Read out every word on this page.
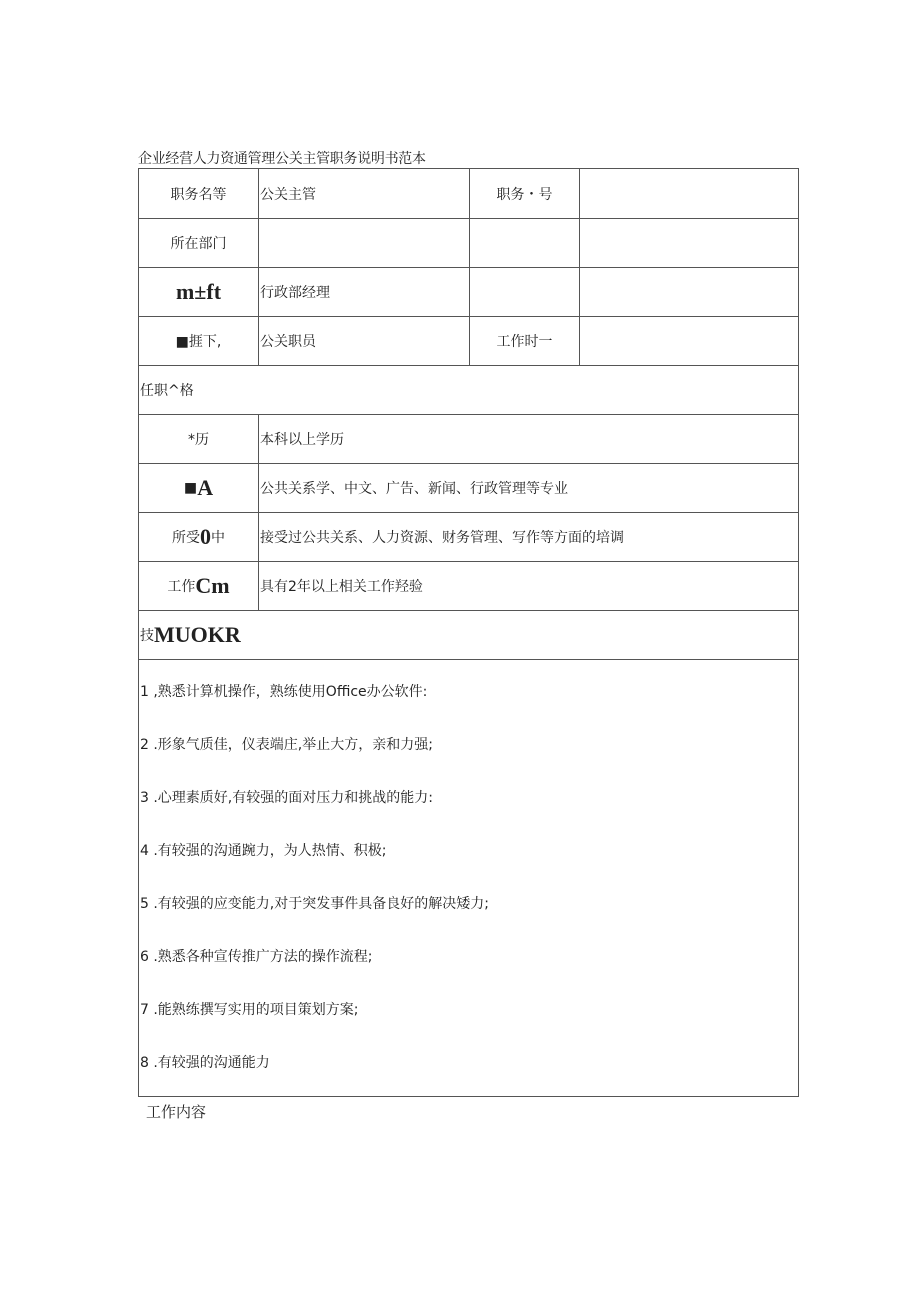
企业经营人力资通管理公关主管职务说明书范本
职务名等	公关主管	职务・号
所在部门
m±ft	行政部经理
■捱下,	公关职员	工作时一
任职^格
*历	本科以上学历
■A	公共关系学、中文、广告、新闻、行政管理等专业
所受 0 中	接受过公共关系、人力资源、财务管理、写作等方面的培调
工作 Cm 具有2年以上相关工作羟验
技 MUOKR
1 ,熟悉计算机操作，熟练使用Office办公软件:
2 .形象气质佳，仪表端庄,举止大方，亲和力强;
3 .心理素质好,有较强的面对压力和挑战的能力:
4 .有较强的沟通踠力，为人热情、积极;
5 .有较强的应变能力,对于突发事件具备良好的解决矮力;
6 .熟悉各种宣传推广方法的操作流程;
7 .能熟练撰写实用的项目策划方案;
8 .有较强的沟通能力
工作内容
